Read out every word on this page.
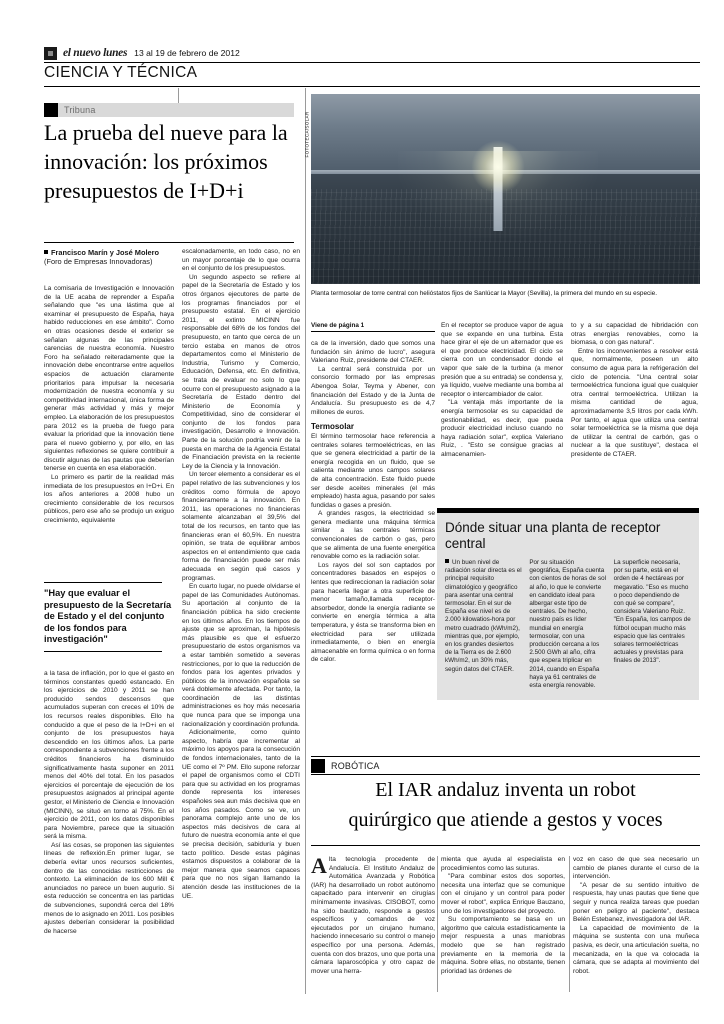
el nuevo lunes 13 al 19 de febrero de 2012
CIENCIA Y TÉCNICA
Tribuna
La prueba del nueve para la innovación: los próximos presupuestos de I+D+i
Francisco Marín y José Molero (Foro de Empresas Innovadoras)

La comisaria de Investigación e Innovación de la UE acaba de reprender a España señalando que "es una lástima que al examinar el presupuesto de España, haya habido reducciones en ese ámbito". Como en otras ocasiones desde el exterior se señalan algunas de las principales carencias de nuestra economía. Nuestro Foro ha señalado reiteradamente que la innovación debe encontrarse entre aquellos espacios de actuación claramente prioritarios para impulsar la necesaria modernización de nuestra economía y su competitividad internacional, única forma de generar más actividad y más y mejor empleo. La elaboración de los presupuestos para 2012 es la prueba de fuego para evaluar la prioridad que la innovación tiene para el nuevo gobierno y, por ello, en las siguientes reflexiones se quiere contribuir a discutir algunas de las pautas que deberían tenerse en cuenta en esa elaboración.

Lo primero es partir de la realidad más inmediata de los presupuestos en I+D+i. En los años anteriores a 2008 hubo un crecimiento considerable de los recursos públicos, pero ese año se produjo un exiguo crecimiento, equivalente

"Hay que evaluar el presupuesto de la Secretaría de Estado y el del conjunto de los fondos para investigación"

a la tasa de inflación, por lo que el gasto en términos constantes quedó estancado. En los ejercicios de 2010 y 2011 se han producido sendos descensos que acumulados superan con creces el 10% de los recursos reales disponibles. Ello ha conducido a que el peso de la I+D+i en el conjunto de los presupuestos haya descendido en los últimos años. La parte correspondiente a subvenciones frente a los créditos financieros ha disminuido significativamente hasta suponer en 2011 menos del 40% del total. En los pasados ejercicios el porcentaje de ejecución de los presupuestos asignados al principal agente gestor, el Ministerio de Ciencia e Innovación (MICINN), se situó en torno al 75%. En el ejercicio de 2011, con los datos disponibles para Noviembre, parece que la situación será la misma.

Así las cosas, se proponen las siguientes líneas de reflexión.En primer lugar, se debería evitar unos recursos suficientes, dentro de las conocidas restricciones de contexto. La eliminación de los 600 Mill € anunciados no parece un buen augurio. Si esta reducción se concentra en las partidas de subvenciones, supondrá cerca del 18% menos de lo asignado en 2011. Los posibles ajustes deberían considerar la posibilidad de hacerse

escalonadamente, en todo caso, no en un mayor porcentaje de lo que ocurra en el conjunto de los presupuestos.

Un segundo aspecto se refiere al papel de la Secretaría de Estado y los otros órganos ejecutores de parte de los programas financiados por el presupuesto estatal. En el ejercicio 2011, el extinto MICINN fue responsable del 68% de los fondos del presupuesto, en tanto que cerca de un tercio estaba en manos de otros departamentos como el Ministerio de Industria, Turismo y Comercio, Educación, Defensa, etc. En definitiva, se trata de evaluar no solo lo que ocurre con el presupuesto asignado a la Secretaría de Estado dentro del Ministerio de Economía y Competitividad, sino de considerar el conjunto de los fondos para investigación, Desarrollo e Innovación. Parte de la solución podría venir de la puesta en marcha de la Agencia Estatal de Financiación prevista en la reciente Ley de la Ciencia y la Innovación.

Un tercer elemento a considerar es el papel relativo de las subvenciones y los créditos como fórmula de apoyo financieramente a la innovación. En 2011, las operaciones no financieras solamente alcanzaban el 39,5% del total de los recursos, en tanto que las financieras eran el 60,5%. En nuestra opinión, se trata de equilibrar ambos aspectos en el entendimiento que cada forma de financiación puede ser más adecuada en según qué casos y programas.

En cuarto lugar, no puede olvidarse el papel de las Comunidades Autónomas. Su aportación al conjunto de la financiación pública ha sido creciente en los últimos años. En los tiempos de ajuste que se aproximan, la hipótesis más plausible es que el esfuerzo presupuestario de estos organismos va a estar también sometido a severas restricciones, por lo que la reducción de fondos para los agentes privados y públicos de la innovación española se verá doblemente afectada. Por tanto, la coordinación de las distintas administraciones es hoy más necesaria que nunca para que se imponga una racionalización y coordinación profunda.

Adicionalmente, como quinto aspecto, habría que incrementar al máximo los apoyos para la consecución de fondos internacionales, tanto de la UE como el 7º PM. Ello supone reforzar el papel de organismos como el CDTI para que su actividad en los programas donde representa los intereses españoles sea aun más decisiva que en los años pasados. Como se ve, un panorama complejo ante uno de los aspectos más decisivos de cara al futuro de nuestra economía ante el que se precisa decisión, sabiduría y buen tacto político. Desde estas páginas estamos dispuestos a colaborar de la mejor manera que seamos capaces para que no nos sigan llamando la atención desde las instituciones de la UE.

FOTOTECA/SOLAR
Planta termosolar de torre central con helióstatos fijos de Sanlúcar la Mayor (Sevilla), la primera del mundo en su especie.
Viene de página 1

ca de la inversión, dado que somos una fundación sin ánimo de lucro", asegura Valeriano Ruiz, presidente del CTAER.

La central será construida por un consorcio formado por las empresas Abengoa Solar, Teyma y Abener, con financiación del Estado y de la Junta de Andalucía. Su presupuesto es de 4,7 millones de euros.

Termosolar

El término termosolar hace referencia a centrales solares termoeléctricas, en las que se genera electricidad a partir de la energía recogida en un fluido, que se calienta mediante unos campos solares de alta concentración. Este fluido puede ser desde aceites minerales (el más empleado) hasta agua, pasando por sales fundidas o gases a presión.

A grandes rasgos, la electricidad se genera mediante una máquina térmica similar a las centrales térmicas convencionales de carbón o gas, pero que se alimenta de una fuente energética renovable como es la radiación solar.

Los rayos del sol son captados por concentradores basados en espejos o lentes que redireccionan la radiación solar para hacerla llegar a otra superficie de menor tamaño,llamada receptor-absorbedor, donde la energía radiante se convierte en energía térmica a alta temperatura, y ésta se transforma bien en electricidad para ser utilizada inmediatamente, o bien en energía almacenable en forma química o en forma de calor.

En el receptor se produce vapor de agua que se expande en una turbina. Esta hace girar el eje de un alternador que es el que produce electricidad. El ciclo se cierra con un condensador donde el vapor que sale de la turbina (a menor presión que a su entrada) se condensa y, ya líquido, vuelve mediante una bomba al receptor o intercambiador de calor.

"La ventaja más importante de la energía termosolar es su capacidad de gestionabilidad, es decir, que pueda producir electricidad incluso cuando no haya radiación solar", explica Valeriano Ruiz, . "Esto se consigue gracias al almacenamien-

to y a su capacidad de hibridación con otras energías renovables, como la biomasa, o con gas natural".

Entre los inconvenientes a resolver está que, normalmente, poseen un alto consumo de agua para la refrigeración del ciclo de potencia. "Una central solar termoeléctrica funciona igual que cualquier otra central termoeléctrica. Utilizan la misma cantidad de agua, aproximadamente 3,5 litros por cada kWh. Por tanto, el agua que utiliza una central solar termoeléctrica se la misma que deja de utilizar la central de carbón, gas o nuclear a la que sustituye", destaca el presidente de CTAER.

Dónde situar una planta de receptor central
Un buen nivel de radiación solar directa es el principal requisito climatológico y geográfico para asentar una central termosolar. En el sur de España ese nivel es de 2.000 kilowatios-hora por metro cuadrado (kWh/m2), mientras que, por ejemplo, en los grandes desiertos de la Tierra es de 2.600 kWh/m2, un 30% más, según datos del CTAER.
Por su situación geográfica, España cuenta con cientos de horas de sol al año, lo que le convierte en candidato ideal para albergar este tipo de centrales. De hecho, nuestro país es líder mundial en energía termosolar, con una producción cercana a los 2.500 GWh al año, cifra que espera triplicar en 2014, cuando en España haya ya 61 centrales de esta energía renovable.
La superficie necesaria, por su parte, está en el orden de 4 hectáreas por megavatio. "Eso es mucho o poco dependiendo de con qué se compare", considera Valeriano Ruiz. "En España, los campos de fútbol ocupan mucho más espacio que las centrales solares termoeléctricas actuales y previstas para finales de 2013".
ROBÓTICA
El IAR andaluz inventa un robot
quirúrgico que atiende a gestos y voces

Alta tecnología procedente de Andalucía. El Instituto Andaluz de Automática Avanzada y Robótica (IAR) ha desarrollado un robot autónomo capacitado para intervenir en cirugías mínimamente invasivas. CISOBOT, como ha sido bautizado, responde a gestos específicos y comandos de voz ejecutados por un cirujano humano, haciendo innecesario su control o manejo específico por una persona. Además, cuenta con dos brazos, uno que porta una cámara laparoscópica y otro capaz de mover una herra-

mienta que ayuda al especialista en procedimientos como las suturas.

"Para combinar estos dos soportes, necesita una interfaz que se comunique con el cirujano y un control para poder mover el robot", explica Enrique Bauzano, uno de los investigadores del proyecto.

Su comportamiento se basa en un algoritmo que calcula estadísticamente la mejor respuesta a unas maniobras modelo que se han registrado previamente en la memoria de la máquina. Sobre ellas, no obstante, tienen prioridad las órdenes de

voz en caso de que sea necesario un cambio de planes durante el curso de la intervención.

"A pesar de su sentido intuitivo de respuesta, hay unas pautas que tiene que seguir y nunca realiza tareas que puedan poner en peligro al paciente", destaca Belén Estebanez, investigadora del IAR.

La capacidad de movimiento de la máquina se sustenta con una muñeca pasiva, es decir, una articulación suelta, no mecanizada, en la que va colocada la cámara, que se adapta al movimiento del robot.
